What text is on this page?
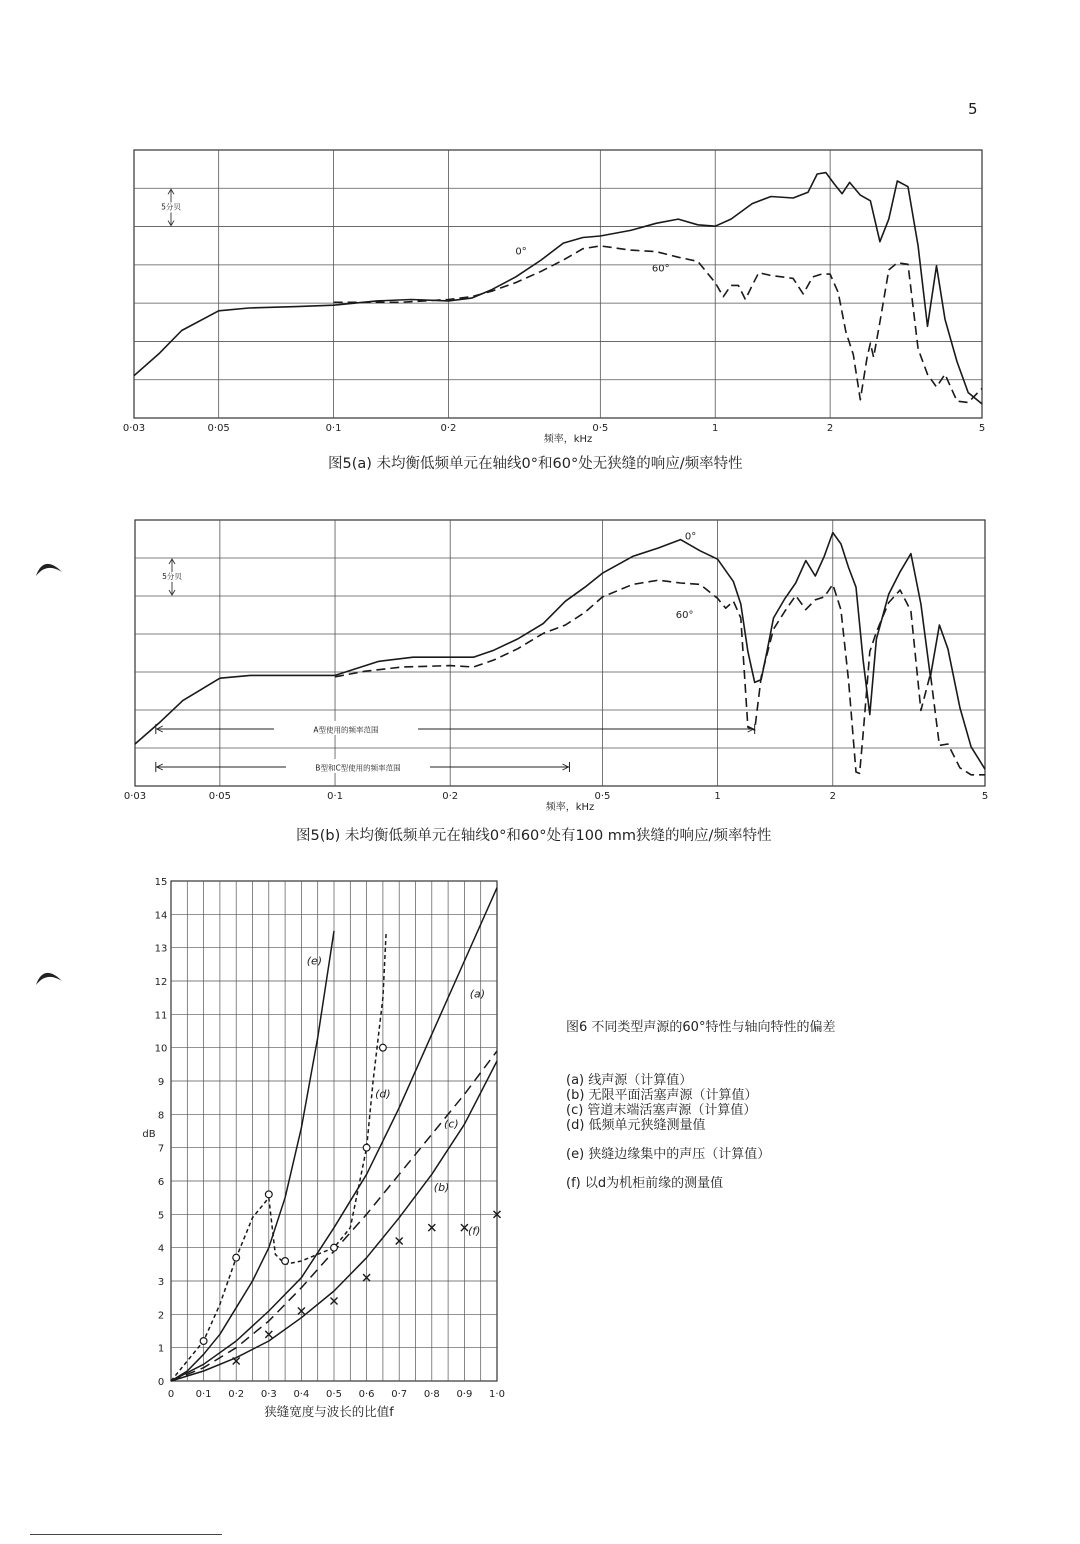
5
0·03	0·05	0·1	0·2	0·5	1	2	5
频率，kHz
5分贝
0°
60°
图5(a) 未均衡低频单元在轴线0°和60°处无狭缝的响应/频率特性
0·03	0·05	0·1	0·2	0·5	1	2	5
频率，kHz
5分贝
0°
60°
A型使用的频率范围
B型和C型使用的频率范围
图5(b) 未均衡低频单元在轴线0°和60°处有100 mm狭缝的响应/频率特性
0
1
2
3
4
5
6
7
8
9
10
11
12
13
14
15
0 0·1 0·2 0·3 0·4 0·5 0·6 0·7 0·8 0·9 1·0
dB
狭缝宽度与波长的比值f
(a)
(b)
(c)
(d)
(e)
(f)
图6 不同类型声源的60°特性与轴向特性的偏差
(a) 线声源（计算值）
(b) 无限平面活塞声源（计算值）
(c) 管道末端活塞声源（计算值）
(d) 低频单元狭缝测量值
(e) 狭缝边缘集中的声压（计算值）
(f) 以d为机柜前缘的测量值
